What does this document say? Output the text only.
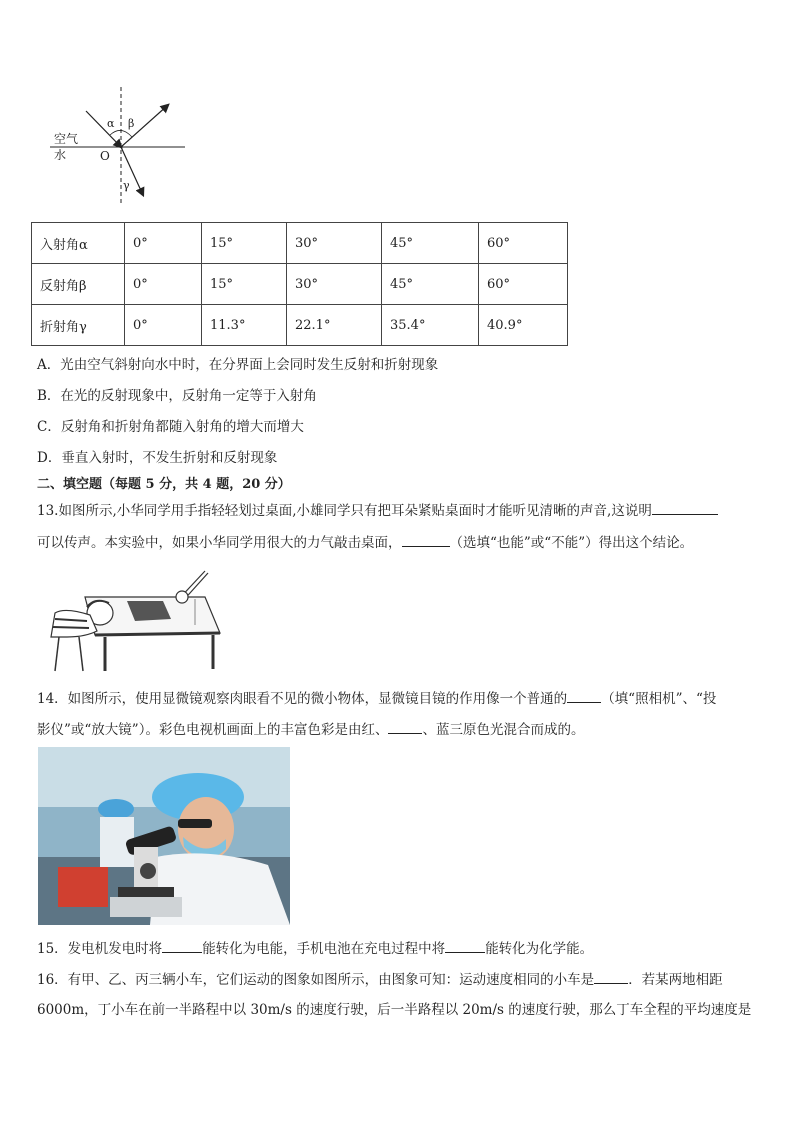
α β
γ
O
空气
水
入射角α	0°	15°	30°	45°	60°
反射角β	0°	15°	30°	45°	60°
折射角γ	0°	11.3°	22.1°	35.4°	40.9°
A．光由空气斜射向水中时，在分界面上会同时发生反射和折射现象
B．在光的反射现象中，反射角一定等于入射角
C．反射角和折射角都随入射角的增大而增大
D．垂直入射时，不发生折射和反射现象
二、填空题（每题 5 分，共 4 题，20 分）
13.如图所示,小华同学用手指轻轻划过桌面,小雄同学只有把耳朵紧贴桌面时才能听见清晰的声音,这说明
可以传声。本实验中，如果小华同学用很大的力气敲击桌面，	（选填“也能”或“不能”）得出这个结论。
14．如图所示，使用显微镜观察肉眼看不见的微小物体，显微镜目镜的作用像一个普通的	（填“照相机”、“投
影仪”或“放大镜”）。彩色电视机画面上的丰富色彩是由红、	、蓝三原色光混合而成的。
15．发电机发电时将	能转化为电能，手机电池在充电过程中将	能转化为化学能。
16．有甲、乙、丙三辆小车，它们运动的图象如图所示，由图象可知：运动速度相同的小车是	．若某两地相距
6000m，丁小车在前一半路程中以 30m/s 的速度行驶，后一半路程以 20m/s 的速度行驶，那么丁车全程的平均速度是
